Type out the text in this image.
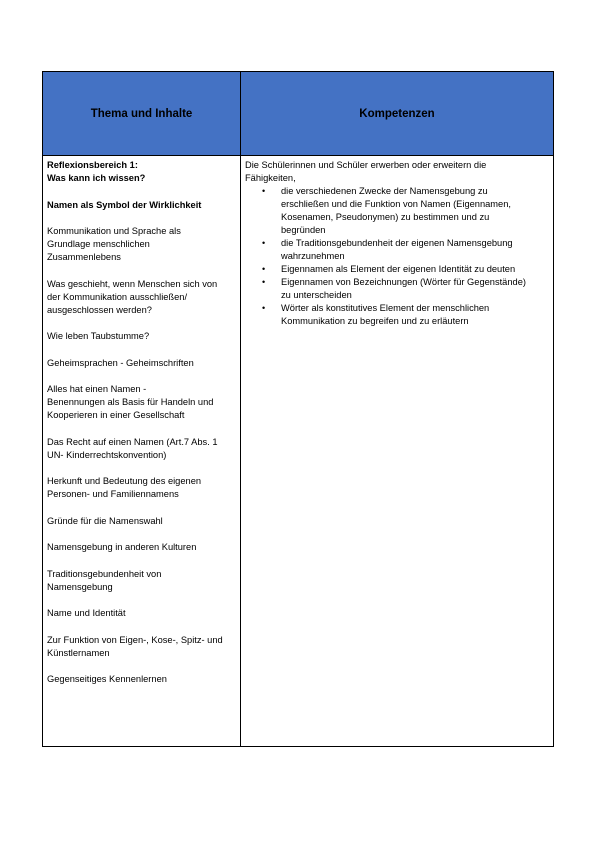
Thema und Inhalte	Kompetenzen
Reflexionsbereich 1:
Was kann ich wissen?
Namen als Symbol der Wirklichkeit
Kommunikation und Sprache als
Grundlage menschlichen
Zusammenlebens
Was geschieht, wenn Menschen sich von
der Kommunikation ausschließen/
ausgeschlossen werden?
Wie leben Taubstumme?
Geheimsprachen - Geheimschriften
Alles hat einen Namen -
Benennungen als Basis für Handeln und
Kooperieren in einer Gesellschaft
Das Recht auf einen Namen (Art.7 Abs. 1
UN- Kinderrechtskonvention)
Herkunft und Bedeutung des eigenen
Personen- und Familiennamens
Gründe für die Namenswahl
Namensgebung in anderen Kulturen
Traditionsgebundenheit von
Namensgebung
Name und Identität
Zur Funktion von Eigen-, Kose-, Spitz- und
Künstlernamen
Gegenseitiges Kennenlernen
Die Schülerinnen und Schüler erwerben oder erweitern die
Fähigkeiten,
• die verschiedenen Zwecke der Namensgebung zu
erschließen und die Funktion von Namen (Eigennamen,
Kosenamen, Pseudonymen) zu bestimmen und zu
begründen
• die Traditionsgebundenheit der eigenen Namensgebung
wahrzunehmen
• Eigennamen als Element der eigenen Identität zu deuten
• Eigennamen von Bezeichnungen (Wörter für Gegenstände)
zu unterscheiden
• Wörter als konstitutives Element der menschlichen
Kommunikation zu begreifen und zu erläutern
